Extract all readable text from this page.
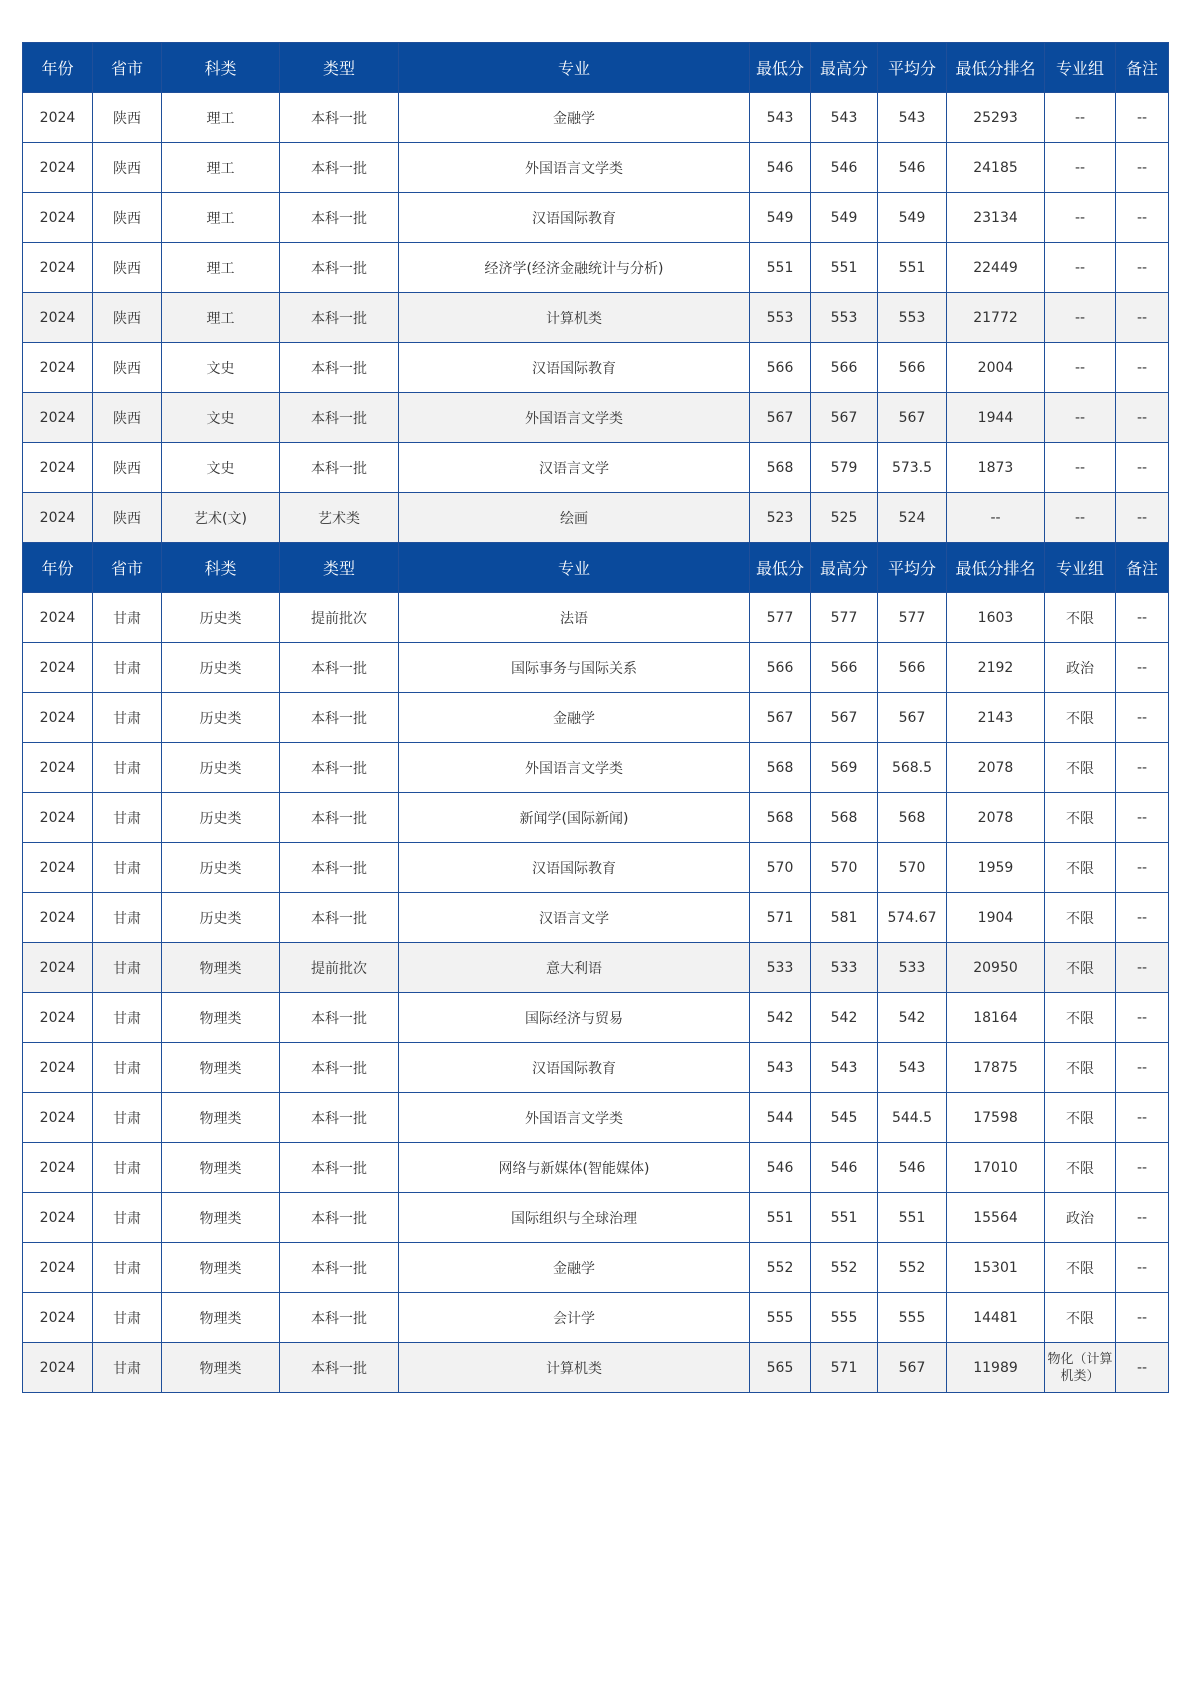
年份	省市	科类	类型	专业	最低分	最高分	平均分	最低分排名	专业组	备注
2024	陕西	理工	本科一批	金融学	543	543	543	25293	--	--
2024	陕西	理工	本科一批	外国语言文学类	546	546	546	24185	--	--
2024	陕西	理工	本科一批	汉语国际教育	549	549	549	23134	--	--
2024	陕西	理工	本科一批	经济学(经济金融统计与分析)	551	551	551	22449	--	--
2024	陕西	理工	本科一批	计算机类	553	553	553	21772	--	--
2024	陕西	文史	本科一批	汉语国际教育	566	566	566	2004	--	--
2024	陕西	文史	本科一批	外国语言文学类	567	567	567	1944	--	--
2024	陕西	文史	本科一批	汉语言文学	568	579	573.5	1873	--	--
2024	陕西	艺术(文)	艺术类	绘画	523	525	524	--	--	--
年份	省市	科类	类型	专业	最低分	最高分	平均分	最低分排名	专业组	备注
2024	甘肃	历史类	提前批次	法语	577	577	577	1603	不限	--
2024	甘肃	历史类	本科一批	国际事务与国际关系	566	566	566	2192	政治	--
2024	甘肃	历史类	本科一批	金融学	567	567	567	2143	不限	--
2024	甘肃	历史类	本科一批	外国语言文学类	568	569	568.5	2078	不限	--
2024	甘肃	历史类	本科一批	新闻学(国际新闻)	568	568	568	2078	不限	--
2024	甘肃	历史类	本科一批	汉语国际教育	570	570	570	1959	不限	--
2024	甘肃	历史类	本科一批	汉语言文学	571	581	574.67	1904	不限	--
2024	甘肃	物理类	提前批次	意大利语	533	533	533	20950	不限	--
2024	甘肃	物理类	本科一批	国际经济与贸易	542	542	542	18164	不限	--
2024	甘肃	物理类	本科一批	汉语国际教育	543	543	543	17875	不限	--
2024	甘肃	物理类	本科一批	外国语言文学类	544	545	544.5	17598	不限	--
2024	甘肃	物理类	本科一批	网络与新媒体(智能媒体)	546	546	546	17010	不限	--
2024	甘肃	物理类	本科一批	国际组织与全球治理	551	551	551	15564	政治	--
2024	甘肃	物理类	本科一批	金融学	552	552	552	15301	不限	--
2024	甘肃	物理类	本科一批	会计学	555	555	555	14481	不限	--
2024	甘肃	物理类	本科一批	计算机类	565	571	567	11989	物化（计算机类）	--
